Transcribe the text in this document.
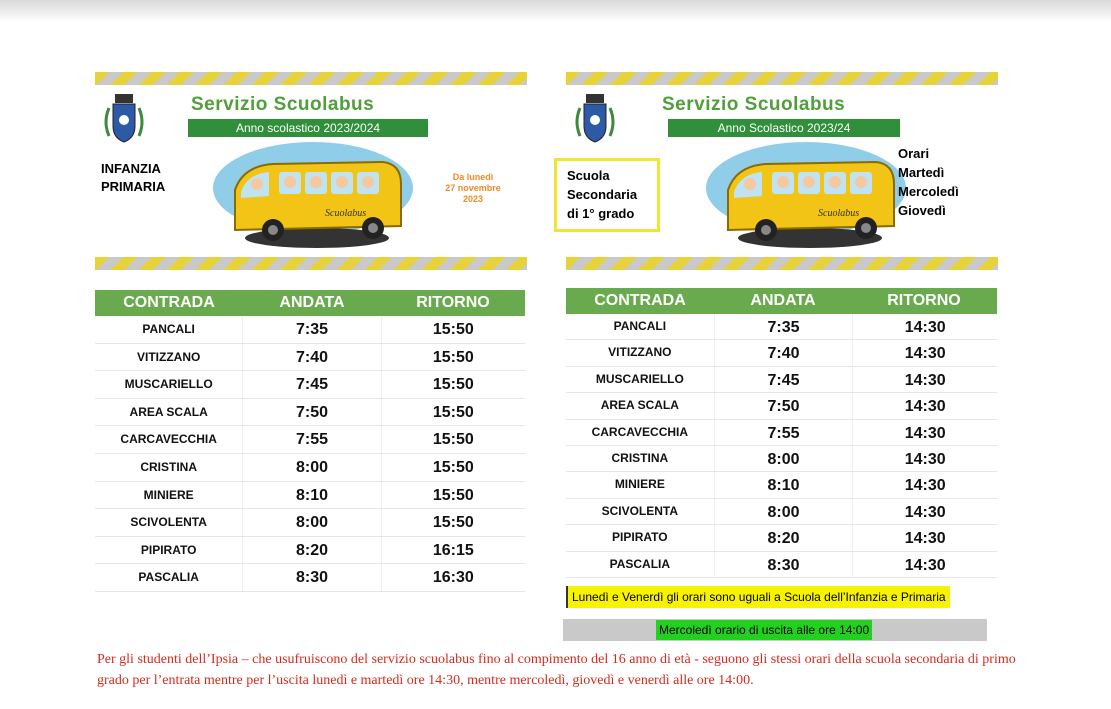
Servizio Scuolabus
Anno scolastico 2023/2024
INFANZIA
PRIMARIA
Scuolabus
Da lunedì
27 novembre
2023
Servizio Scuolabus
Anno Scolastico 2023/24
Scuola
Secondaria
di 1° grado	Scuolabus
Orari
Martedì
Mercoledì
Giovedì
CONTRADA	ANDATA	RITORNO
PANCALI	7:35	15:50
VITIZZANO	7:40	15:50
MUSCARIELLO	7:45	15:50
AREA SCALA	7:50	15:50
CARCAVECCHIA	7:55	15:50
CRISTINA	8:00	15:50
MINIERE	8:10	15:50
SCIVOLENTA	8:00	15:50
PIPIRATO	8:20	16:15
PASCALIA	8:30	16:30
CONTRADA	ANDATA	RITORNO
PANCALI	7:35	14:30
VITIZZANO	7:40	14:30
MUSCARIELLO	7:45	14:30
AREA SCALA	7:50	14:30
CARCAVECCHIA	7:55	14:30
CRISTINA	8:00	14:30
MINIERE	8:10	14:30
SCIVOLENTA	8:00	14:30
PIPIRATO	8:20	14:30
PASCALIA	8:30	14:30
Lunedì e Venerdì gli orari sono uguali a Scuola dell’Infanzia e Primaria
Mercoledì orario di uscita alle ore 14:00
Per gli studenti dell’Ipsia – che usufruiscono del servizio scuolabus fino al compimento del 16 anno di età - seguono gli stessi orari della scuola secondaria di primo grado per l’entrata mentre per l’uscita lunedì e martedì ore 14:30, mentre mercoledì, giovedì e venerdì alle ore 14:00.
